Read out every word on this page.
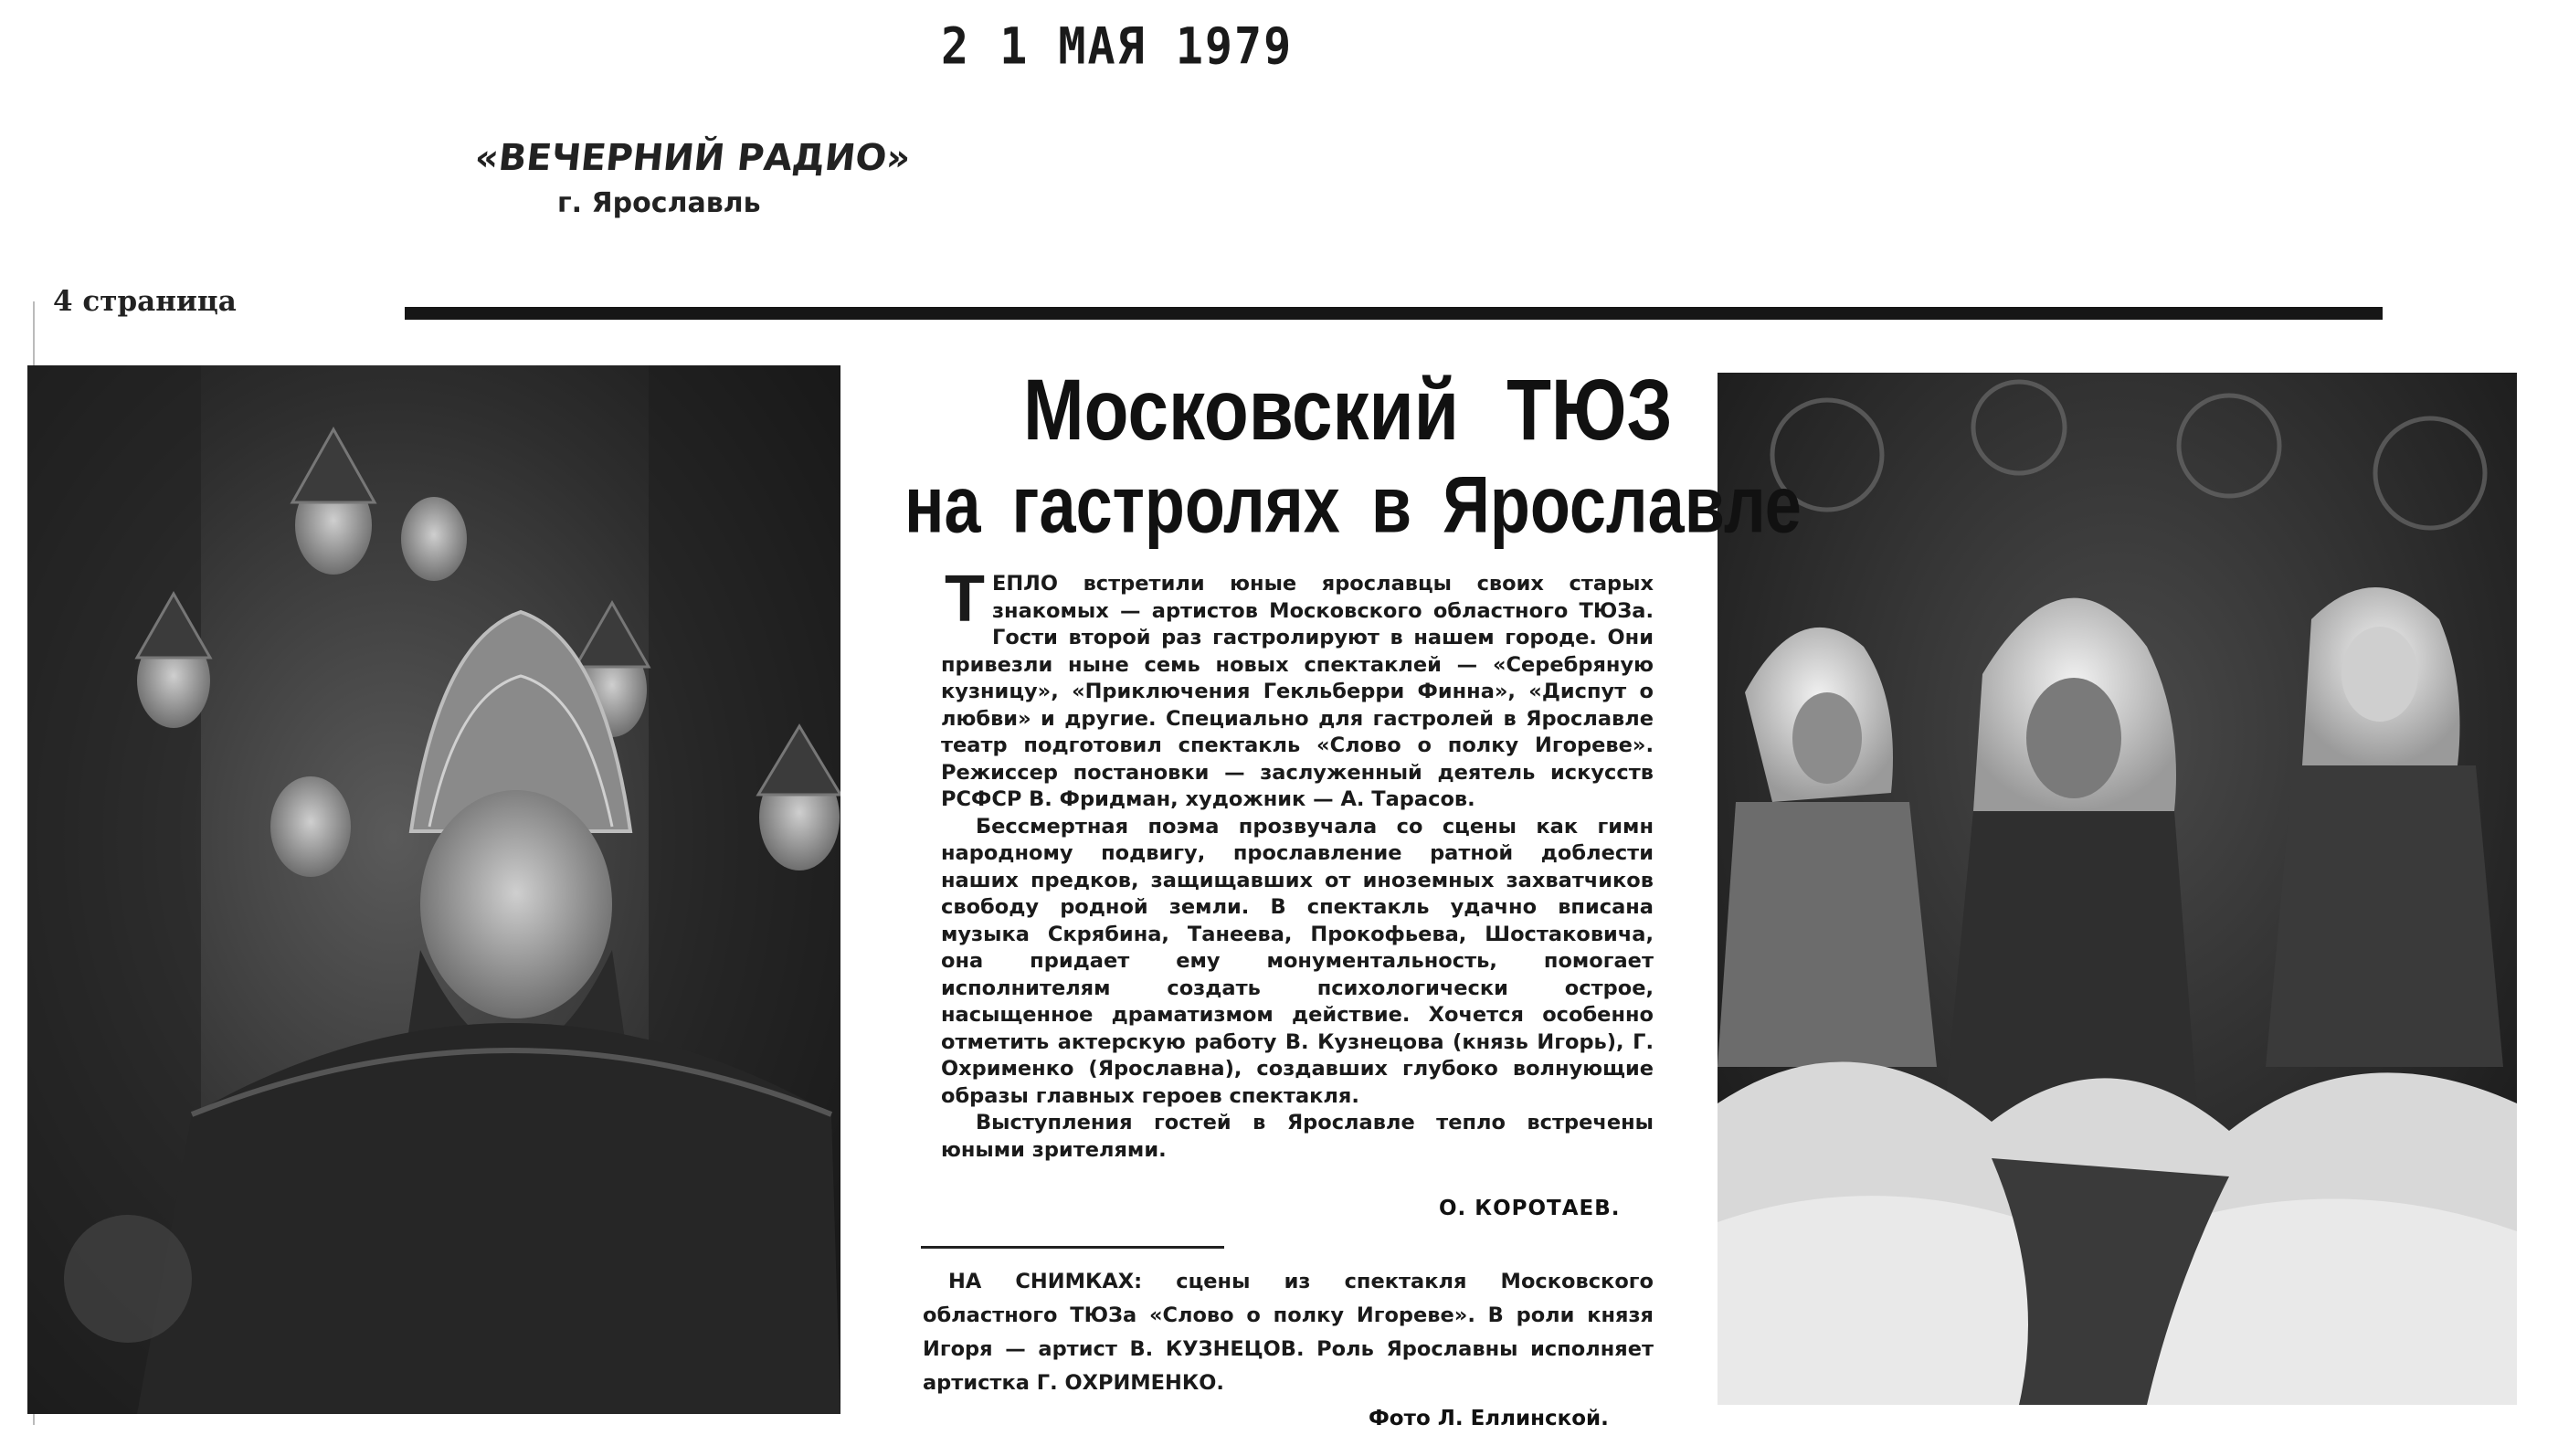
2 1 МАЯ 1979
«ВЕЧЕРНИЙ РАДИО»
г. Ярославль
4 страница
Московский ТЮЗ
на гастролях в Ярославле

ТЕПЛО встретили юные ярославцы своих старых знакомых — артистов Московского областного ТЮЗа. Гости второй раз гастролируют в нашем городе. Они привезли ныне семь новых спектаклей — «Серебряную кузницу», «Приключения Гекльберри Финна», «Диспут о любви» и другие. Специально для гастролей в Ярославле театр подготовил спектакль «Слово о полку Игореве». Режиссер постановки — заслуженный деятель искусств РСФСР В. Фридман, художник — А. Тарасов.

Бессмертная поэма прозвучала со сцены как гимн народному подвигу, прославление ратной доблести наших предков, защищавших от иноземных захватчиков свободу родной земли. В спектакль удачно вписана музыка Скрябина, Танеева, Прокофьева, Шостаковича, она придает ему монументальность, помогает исполнителям создать психологически острое, насыщенное драматизмом действие. Хочется особенно отметить актерскую работу В. Кузнецова (князь Игорь), Г. Охрименко (Ярославна), создавших глубоко волнующие образы главных героев спектакля.

Выступления гостей в Ярославле тепло встречены юными зрителями.

О. КОРОТАЕВ.
НА СНИМКАХ: сцены из спектакля Московского областного ТЮЗа «Слово о полку Игореве». В роли князя Игоря — артист В. КУЗНЕЦОВ. Роль Ярославны исполняет артистка Г. ОХРИМЕНКО.
Фото Л. Еллинской.
